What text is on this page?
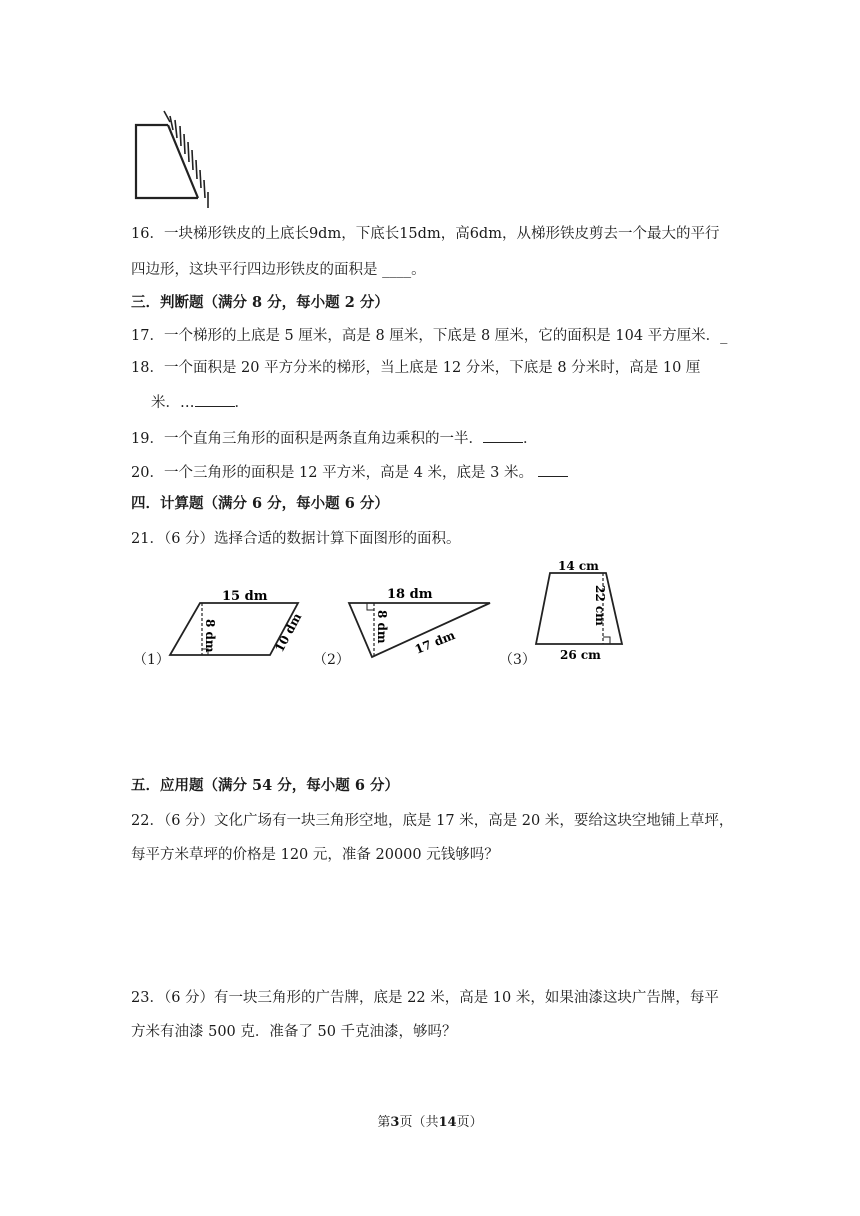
16．一块梯形铁皮的上底长9dm，下底长15dm，高6dm，从梯形铁皮剪去一个最大的平行
四边形，这块平行四边形铁皮的面积是 ____。
三．判断题（满分 8 分，每小题 2 分）
17．一个梯形的上底是 5 厘米，高是 8 厘米，下底是 8 厘米，它的面积是 104 平方厘米．_
18．一个面积是 20 平方分米的梯形，当上底是 12 分米，下底是 8 分米时，高是 10 厘
米．…	．
19．一个直角三角形的面积是两条直角边乘积的一半．	．
20．一个三角形的面积是 12 平方米，高是 4 米，底是 3 米。
四．计算题（满分 6 分，每小题 6 分）
21．（6 分）选择合适的数据计算下面图形的面积。
（1）
15 dm
8 dm	10 dm
（2）
18 dm
8 dm 17 dm
（3）
14 cm
22 cm
26 cm
五．应用题（满分 54 分，每小题 6 分）
22．（6 分）文化广场有一块三角形空地，底是 17 米，高是 20 米，要给这块空地铺上草坪，
每平方米草坪的价格是 120 元，准备 20000 元钱够吗？
23．（6 分）有一块三角形的广告牌，底是 22 米，高是 10 米，如果油漆这块广告牌，每平
方米有油漆 500 克．准备了 50 千克油漆，够吗？
第3页（共14页）
